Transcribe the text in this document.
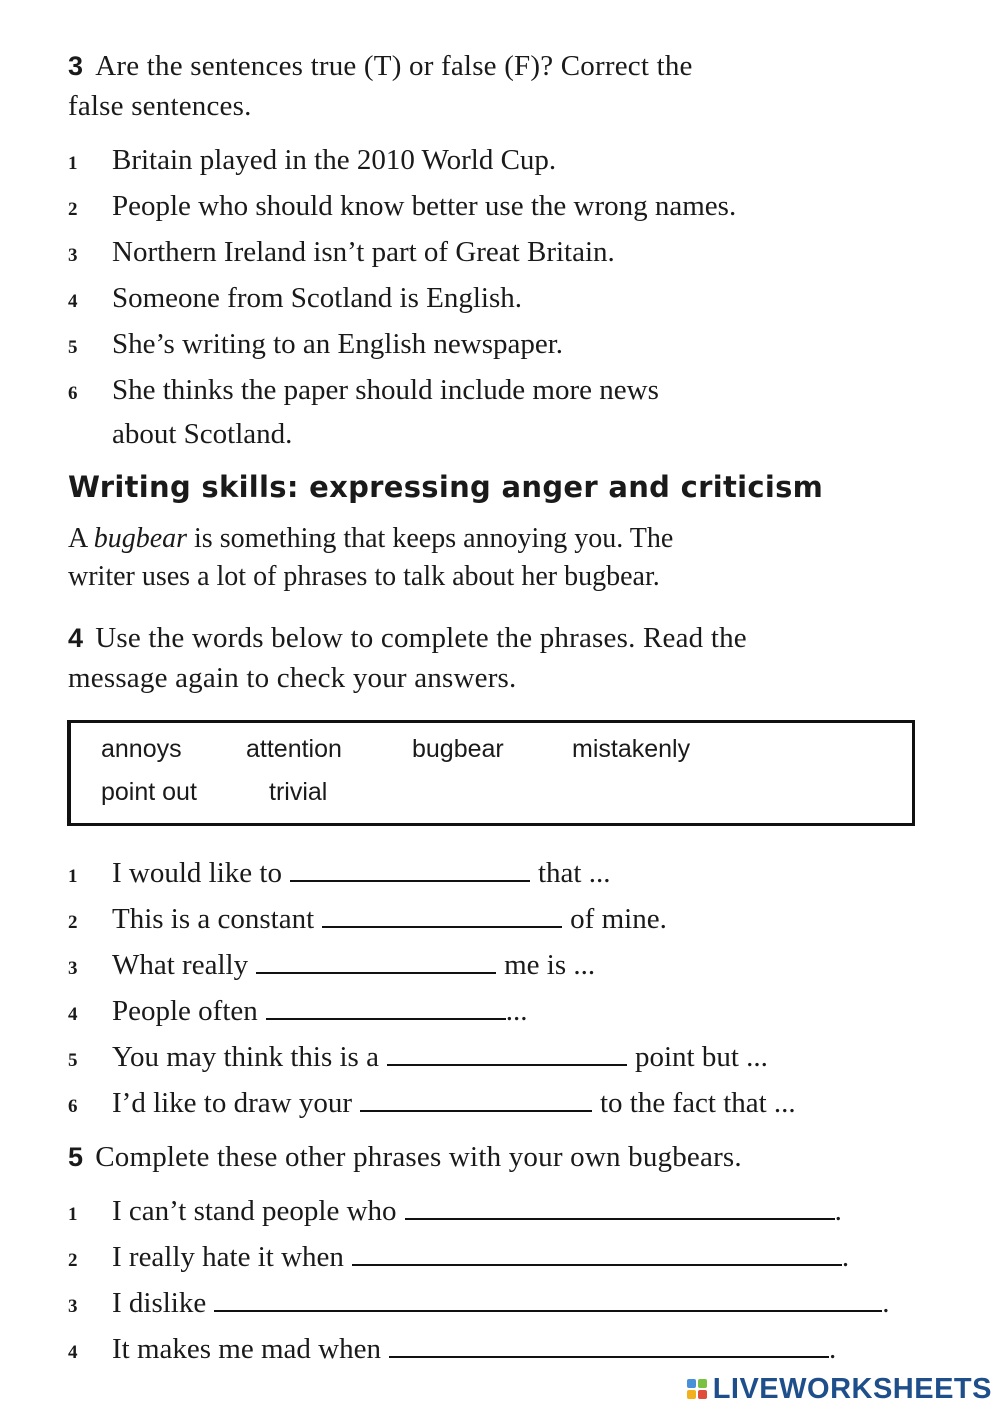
3 Are the sentences true (T) or false (F)? Correct the
false sentences.
1 Britain played in the 2010 World Cup.
2 People who should know better use the wrong names.
3 Northern Ireland isn’t part of Great Britain.
4 Someone from Scotland is English.
5 She’s writing to an English newspaper.
6 She thinks the paper should include more news
about Scotland.
Writing skills: expressing anger and criticism
A bugbear is something that keeps annoying you. The
writer uses a lot of phrases to talk about her bugbear.
4 Use the words below to complete the phrases. Read the
message again to check your answers.
annoys	attention	bugbear	mistakenly
point out	trivial
1 I would like to	that ...
2 This is a constant	of mine.
3 What really	me is ...
4 People often	...
5 You may think this is a	point but ...
6 I’d like to draw your	to the fact that ...
5 Complete these other phrases with your own bugbears.
1 I can’t stand people who	.
2 I really hate it when	.
3 I dislike	.
4 It makes me mad when	.
LIVEWORKSHEETS
